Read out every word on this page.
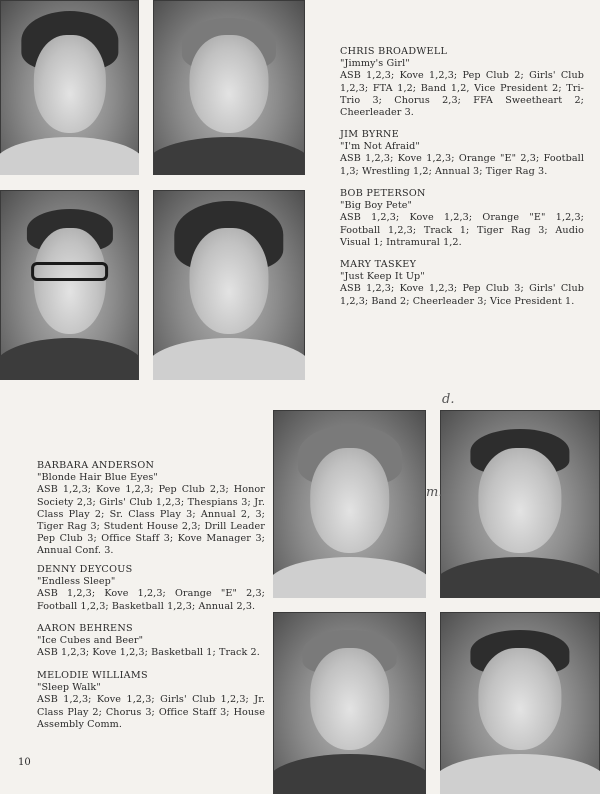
CHRIS BROADWELL
"Jimmy's Girl"
ASB 1,2,3; Kove 1,2,3; Pep Club 2; Girls' Club 1,2,3; FTA 1,2; Band 1,2, Vice President 2; Tri-Trio 3; Chorus 2,3; FFA Sweetheart 2; Cheerleader 3.
JIM BYRNE
"I'm Not Afraid"
ASB 1,2,3; Kove 1,2,3; Orange "E" 2,3; Football 1,3; Wrestling 1,2; Annual 3; Tiger Rag 3.
BOB PETERSON
"Big Boy Pete"
ASB 1,2,3; Kove 1,2,3; Orange "E" 1,2,3; Football 1,2,3; Track 1; Tiger Rag 3; Audio Visual 1; Intramural 1,2.
MARY TASKEY
"Just Keep It Up"
ASB 1,2,3; Kove 1,2,3; Pep Club 3; Girls' Club 1,2,3; Band 2; Cheerleader 3; Vice President 1.
d.
m.
BARBARA ANDERSON
"Blonde Hair Blue Eyes"
ASB 1,2,3; Kove 1,2,3; Pep Club 2,3; Honor Society 2,3; Girls' Club 1,2,3; Thespians 3; Jr. Class Play 2; Sr. Class Play 3; Annual 2, 3; Tiger Rag 3; Student House 2,3; Drill Leader Pep Club 3; Office Staff 3; Kove Manager 3; Annual Conf. 3.
DENNY DEYCOUS
"Endless Sleep"
ASB 1,2,3; Kove 1,2,3; Orange "E" 2,3; Football 1,2,3; Basketball 1,2,3; Annual 2,3.
AARON BEHRENS
"Ice Cubes and Beer"
ASB 1,2,3; Kove 1,2,3; Basketball 1; Track 2.
MELODIE WILLIAMS
"Sleep Walk"
ASB 1,2,3; Kove 1,2,3; Girls' Club 1,2,3; Jr. Class Play 2; Chorus 3; Office Staff 3; House Assembly Comm.
10
